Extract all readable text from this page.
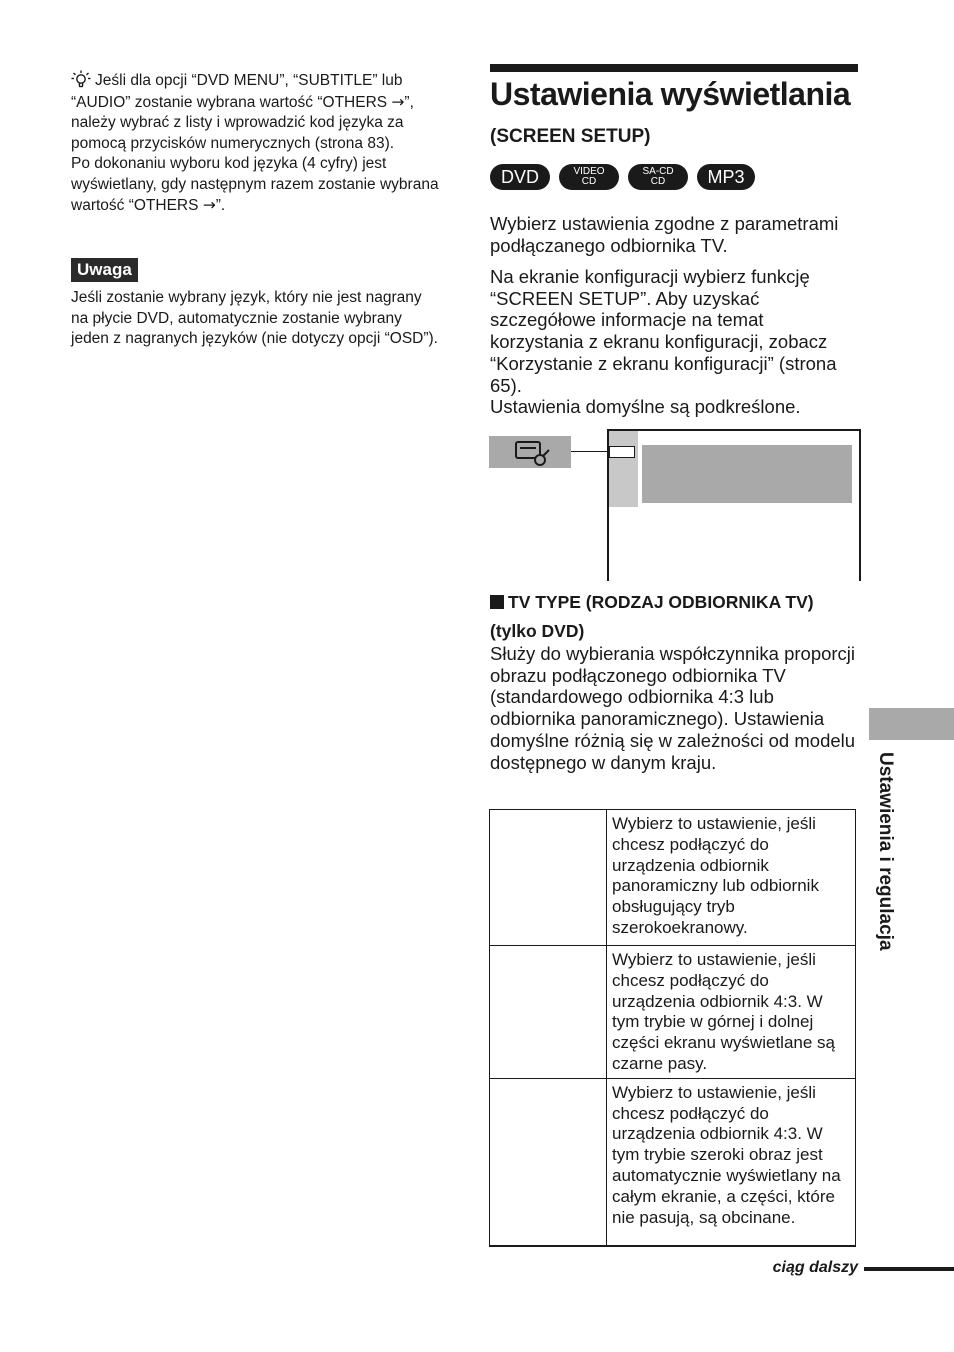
Jeśli dla opcji “DVD MENU”, “SUBTITLE” lub “AUDIO” zostanie wybrana wartość “OTHERS →”, należy wybrać z listy i wprowadzić kod języka za pomocą przycisków numerycznych (strona 83).

Po dokonaniu wyboru kod języka (4 cyfry) jest wyświetlany, gdy następnym razem zostanie wybrana wartość “OTHERS →”.

Uwaga

Jeśli zostanie wybrany język, który nie jest nagrany na płycie DVD, automatycznie zostanie wybrany jeden z nagranych języków (nie dotyczy opcji “OSD”).

Ustawienia wyświetlania
(SCREEN SETUP)
DVD	VIDEO
CD
SA-CD
CD MP3

Wybierz ustawienia zgodne z parametrami podłączanego odbiornika TV.

Na ekranie konfiguracji wybierz funkcję “SCREEN SETUP”. Aby uzyskać szczegółowe informacje na temat korzystania z ekranu konfiguracji, zobacz “Korzystanie z ekranu konfiguracji” (strona 65).
Ustawienia domyślne są podkreślone.
TV TYPE (RODZAJ ODBIORNIKA TV)

(tylko DVD)

Służy do wybierania współczynnika proporcji obrazu podłączonego odbiornika TV (standardowego odbiornika 4:3 lub odbiornika panoramicznego). Ustawienia domyślne różnią się w zależności od modelu dostępnego w danym kraju.

	Wybierz to ustawienie, jeśli chcesz podłączyć do urządzenia odbiornik panoramiczny lub odbiornik obsługujący tryb szerokoekranowy.
	Wybierz to ustawienie, jeśli chcesz podłączyć do urządzenia odbiornik 4:3. W tym trybie w górnej i dolnej części ekranu wyświetlane są czarne pasy.
	Wybierz to ustawienie, jeśli chcesz podłączyć do urządzenia odbiornik 4:3. W tym trybie szeroki obraz jest automatycznie wyświetlany na całym ekranie, a części, które nie pasują, są obcinane.

Ustawienia i regulacja

ciąg dalszy
